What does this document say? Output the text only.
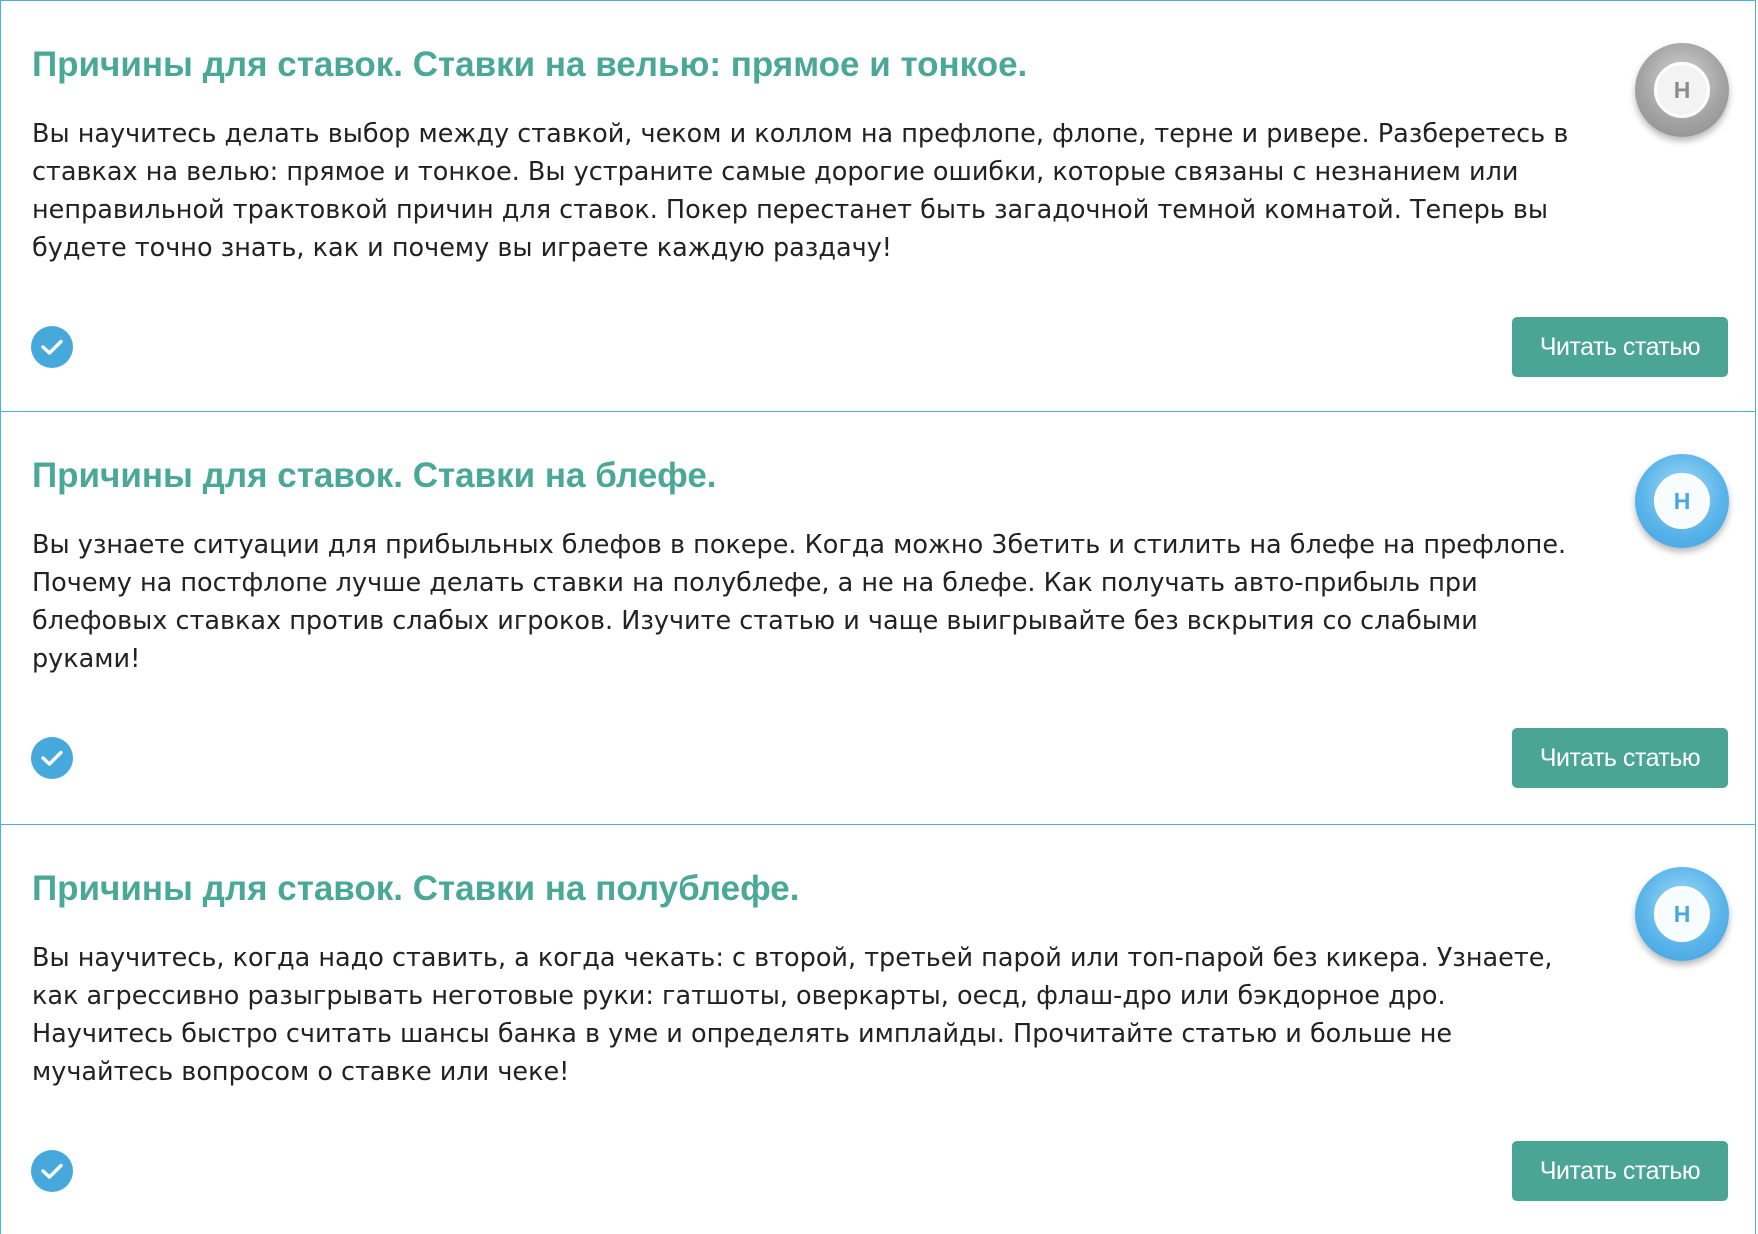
Причины для ставок. Ставки на велью: прямое и тонкое.
Н

Вы научитесь делать выбор между ставкой, чеком и коллом на префлопе, флопе, терне и ривере. Разберетесь в ставках на велью: прямое и тонкое. Вы устраните самые дорогие ошибки, которые связаны с незнанием или неправильной трактовкой причин для ставок. Покер перестанет быть загадочной темной комнатой. Теперь вы будете точно знать, как и почему вы играете каждую раздачу!

Читать статью
Причины для ставок. Ставки на блефе.
Н

Вы узнаете ситуации для прибыльных блефов в покере. Когда можно 3бетить и стилить на блефе на префлопе. Почему на постфлопе лучше делать ставки на полублефе, а не на блефе. Как получать авто-прибыль при блефовых ставках против слабых игроков. Изучите статью и чаще выигрывайте без вскрытия со слабыми руками!

Читать статью
Причины для ставок. Ставки на полублефе.
Н

Вы научитесь, когда надо ставить, а когда чекать: с второй, третьей парой или топ-парой без кикера. Узнаете, как агрессивно разыгрывать неготовые руки: гатшоты, оверкарты, оесд, флаш-дро или бэкдорное дро. Научитесь быстро считать шансы банка в уме и определять имплайды. Прочитайте статью и больше не мучайтесь вопросом о ставке или чеке!

Читать статью
